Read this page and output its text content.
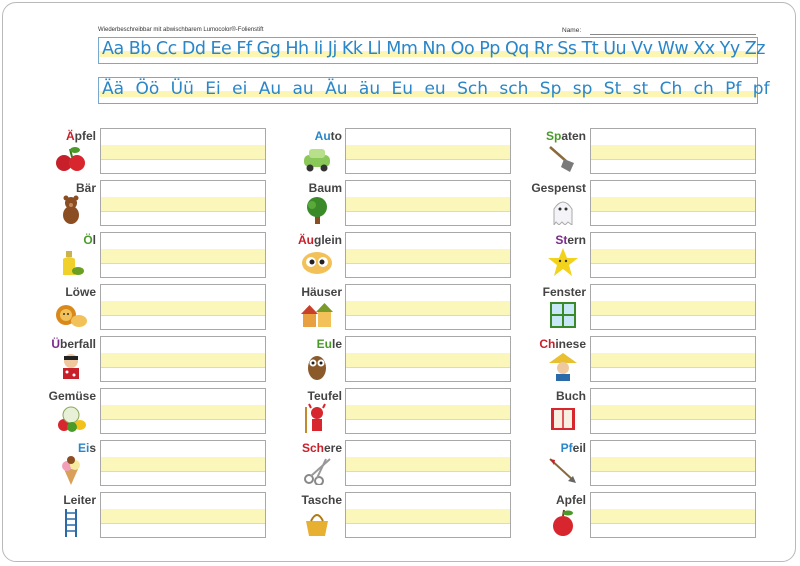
Wiederbeschreibbar mit abwischbarem Lumocolor®-Folienstift	Name:
Aa Bb Cc Dd Ee Ff Gg Hh Ii Jj Kk Ll Mm Nn Oo Pp Qq Rr Ss Tt Uu Vv Ww Xx Yy Zz
Ää Öö Üü Ei ei Au au Äu äu Eu eu Sch sch Sp sp St st Ch ch Pf pf
Äpfel
Bär
Öl
Löwe
Überfall
Gemüse
Eis
Leiter
Auto
Baum
Äuglein
Häuser
Eule
Teufel
Schere
Tasche
Spaten
Gespenst
Stern
Fenster
Chinese
Buch
Pfeil
Apfel
